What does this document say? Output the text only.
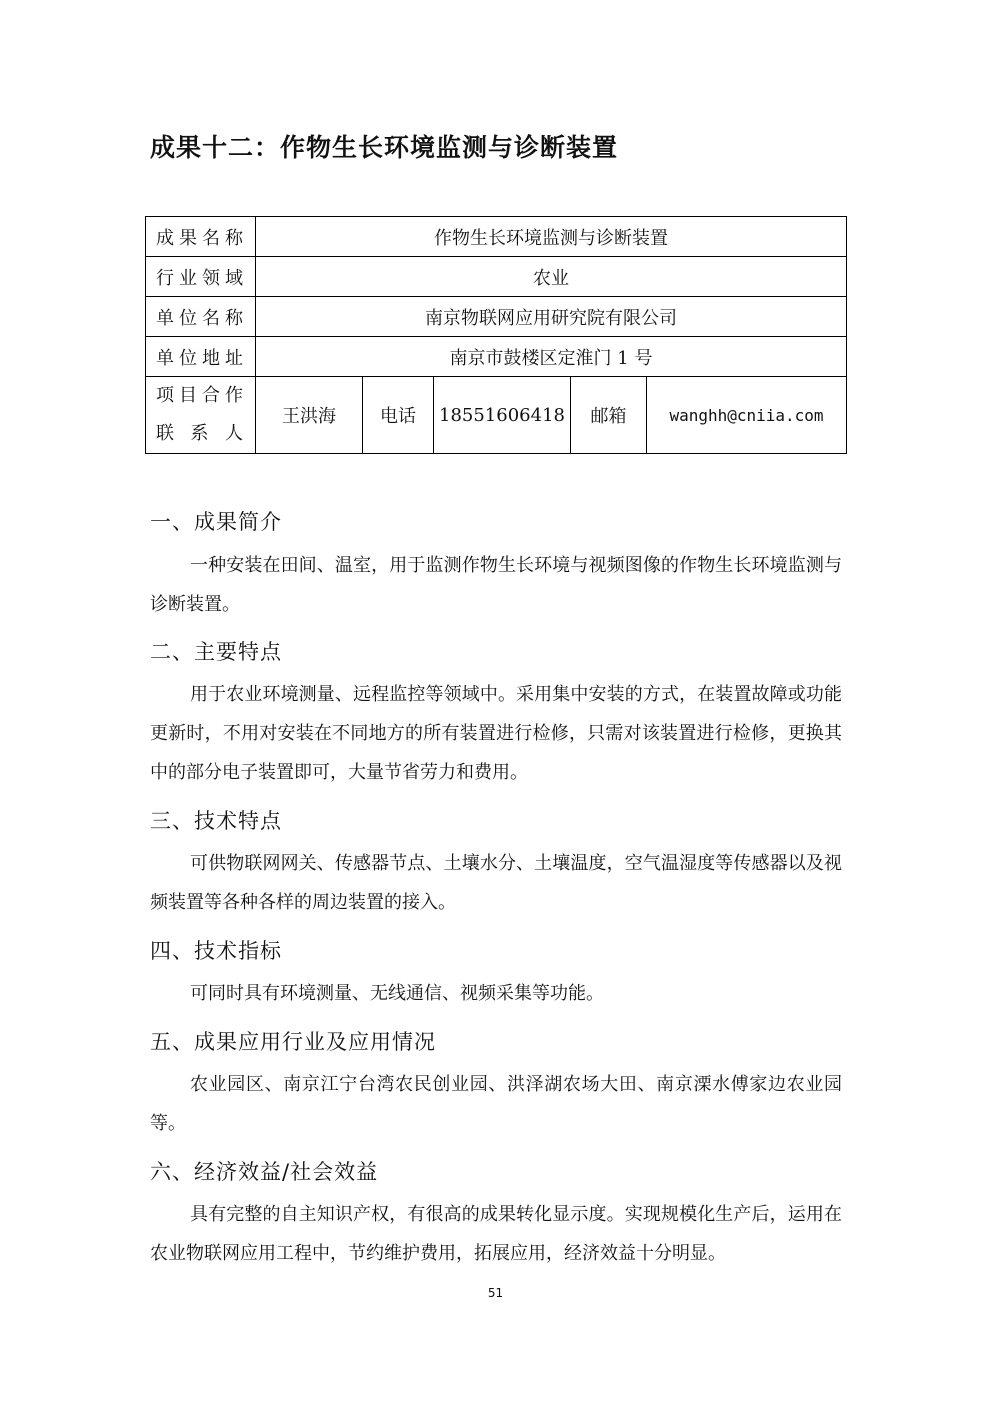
成果十二：作物生长环境监测与诊断装置
成果名称	作物生长环境监测与诊断装置				
行业领域	农业				
单位名称	南京物联网应用研究院有限公司				
单位地址	南京市鼓楼区定淮门 1 号				

项目合作
联系人	王洪海	电话	18551606418	邮箱	wanghh@cniia.com
一、成果简介

一种安装在田间、温室，用于监测作物生长环境与视频图像的作物生长环境监测与诊断装置。

二、主要特点

用于农业环境测量、远程监控等领域中。采用集中安装的方式，在装置故障或功能更新时，不用对安装在不同地方的所有装置进行检修，只需对该装置进行检修，更换其中的部分电子装置即可，大量节省劳力和费用。

三、技术特点

可供物联网网关、传感器节点、土壤水分、土壤温度，空气温湿度等传感器以及视频装置等各种各样的周边装置的接入。

四、技术指标

可同时具有环境测量、无线通信、视频采集等功能。

五、成果应用行业及应用情况

农业园区、南京江宁台湾农民创业园、洪泽湖农场大田、南京溧水傅家边农业园等。

六、经济效益/社会效益

具有完整的自主知识产权，有很高的成果转化显示度。实现规模化生产后，运用在农业物联网应用工程中，节约维护费用，拓展应用，经济效益十分明显。

51
